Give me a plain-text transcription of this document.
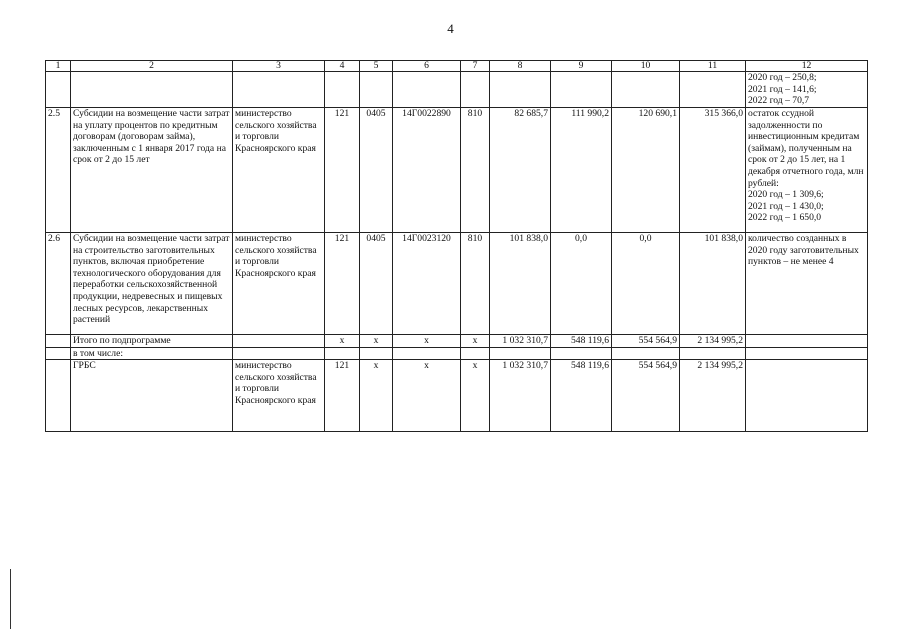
4
1	2	3	4	5	6	7	8	9	10	11	12
											2020 год – 250,8;
2021 год – 141,6;
2022 год – 70,7
2.5	Субсидии на возмещение части затрат на уплату процентов по кредитным договорам (договорам займа), заключенным с 1 января 2017 года на срок от 2 до 15 лет	министерство сельского хозяйства и торговли Красноярского края	121	0405	14Г0022890	810	82 685,7	111 990,2	120 690,1	315 366,0	остаток ссудной задолженности по инвестиционным кредитам (займам), полученным на срок от 2 до 15 лет, на 1 декабря отчетного года, млн рублей:
2020 год – 1 309,6;
2021 год – 1 430,0;
2022 год – 1 650,0
2.6	Субсидии на возмещение части затрат на строительство заготовительных пунктов, включая приобретение технологического оборудования для переработки сельскохозяйственной продукции, недревесных и пищевых лесных ресурсов, лекарственных растений	министерство сельского хозяйства и торговли Красноярского края	121	0405	14Г0023120	810	101 838,0	0,0	0,0	101 838,0	количество созданных в 2020 году заготовительных пунктов – не менее 4
	Итого по подпрограмме		x	x	x	x	1 032 310,7	548 119,6	554 564,9	2 134 995,2	
	в том числе:										
	ГРБС	министерство сельского хозяйства и торговли Красноярского края	121	x	x	x	1 032 310,7	548 119,6	554 564,9	2 134 995,2	
